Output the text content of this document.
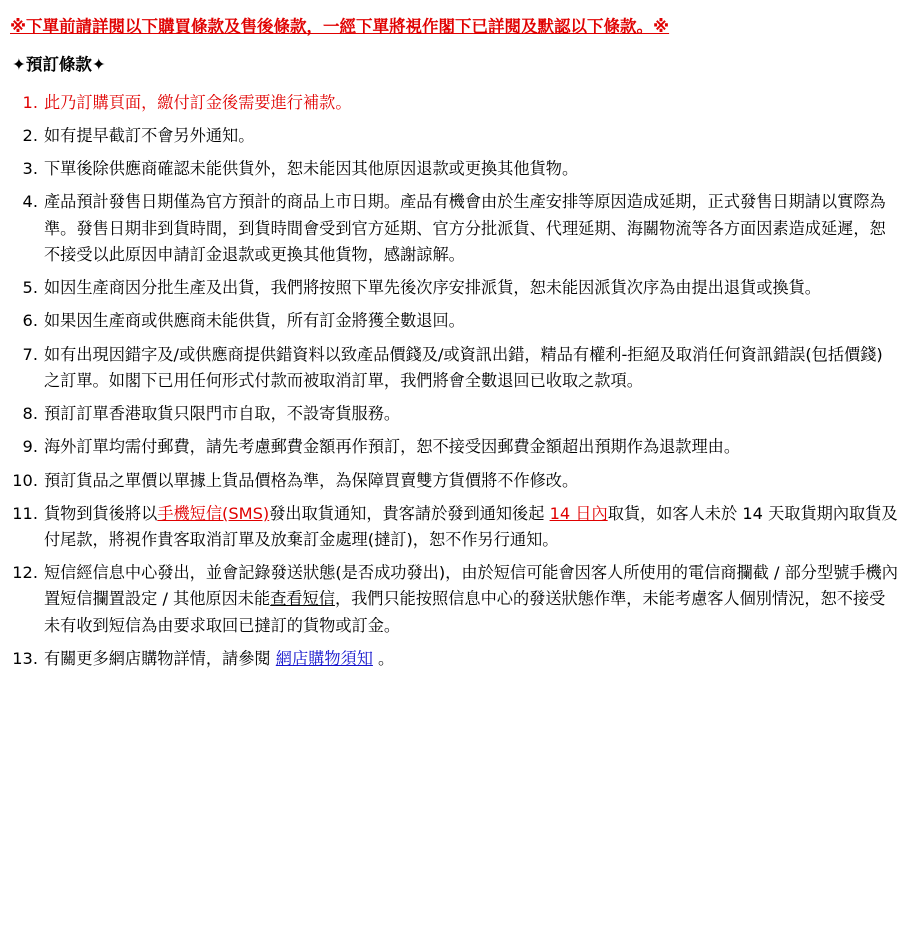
※下單前請詳閱以下購買條款及售後條款，一經下單將視作閣下已詳閱及默認以下條款。※
✦預訂條款✦
此乃訂購頁面，繳付訂金後需要進行補款。
如有提早截訂不會另外通知。
下單後除供應商確認未能供貨外，恕未能因其他原因退款或更換其他貨物。
產品預計發售日期僅為官方預計的商品上市日期。產品有機會由於生產安排等原因造成延期，正式發售日期請以實際為準。發售日期非到貨時間，到貨時間會受到官方延期、官方分批派貨、代理延期、海關物流等各方面因素造成延遲，恕不接受以此原因申請訂金退款或更換其他貨物，感謝諒解。
如因生產商因分批生產及出貨，我們將按照下單先後次序安排派貨，恕未能因派貨次序為由提出退貨或換貨。
如果因生產商或供應商未能供貨，所有訂金將獲全數退回。
如有出現因錯字及/或供應商提供錯資料以致產品價錢及/或資訊出錯，精品有權利-拒絕及取消任何資訊錯誤(包括價錢) 之訂單。如閣下已用任何形式付款而被取消訂單，我們將會全數退回已收取之款項。
預訂訂單香港取貨只限門市自取，不設寄貨服務。
海外訂單均需付郵費，請先考慮郵費金額再作預訂，恕不接受因郵費金額超出預期作為退款理由。
預訂貨品之單價以單據上貨品價格為準，為保障買賣雙方貨價將不作修改。
貨物到貨後將以手機短信(SMS)發出取貨通知，貴客請於發到通知後起 14 日內取貨，如客人未於 14 天取貨期內取貨及付尾款，將視作貴客取消訂單及放棄訂金處理(撻訂)，恕不作另行通知。
短信經信息中心發出，並會記錄發送狀態(是否成功發出)，由於短信可能會因客人所使用的電信商攔截 / 部分型號手機內置短信攔置設定 / 其他原因未能查看短信，我們只能按照信息中心的發送狀態作準，未能考慮客人個別情況，恕不接受未有收到短信為由要求取回已撻訂的貨物或訂金。
有關更多網店購物詳情，請參閱 網店購物須知 。
